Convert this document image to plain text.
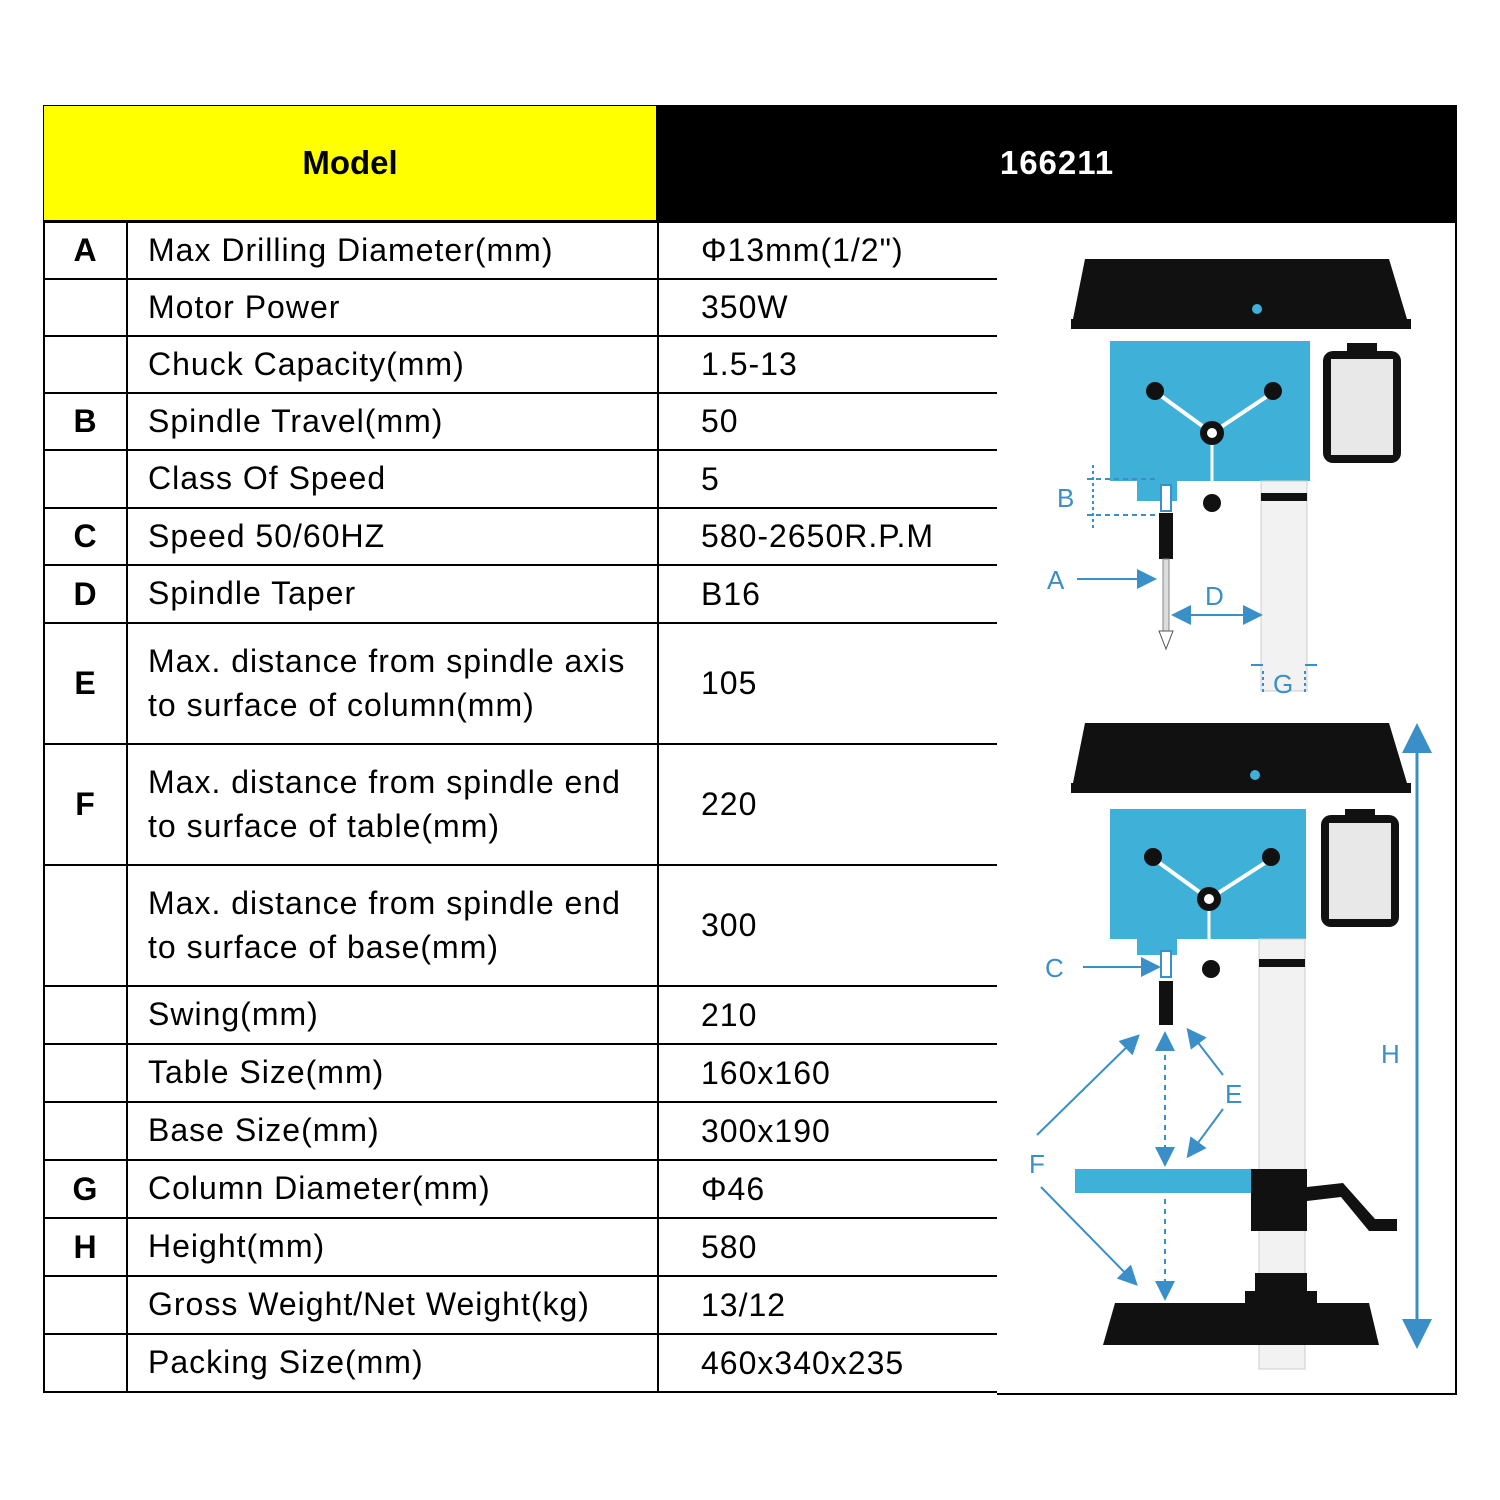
Model	166211
A	Max Drilling Diameter(mm)	Φ13mm(1/2")
	Motor Power	350W
	Chuck Capacity(mm)	1.5-13
B	Spindle Travel(mm)	50
	Class Of Speed	5
C	Speed 50/60HZ	580-2650R.P.M
D	Spindle Taper	B16
E	Max. distance from spindle axis to surface of column(mm)	105
F	Max. distance from spindle end to surface of table(mm)	220
	Max. distance from spindle end to surface of base(mm)	300
	Swing(mm)	210
	Table Size(mm)	160x160
	Base Size(mm)	300x190
G	Column Diameter(mm)	Φ46
H	Height(mm)	580
	Gross Weight/Net Weight(kg)	13/12
	Packing Size(mm)	460x340x235
B
A
D
G
C
E
F
H
